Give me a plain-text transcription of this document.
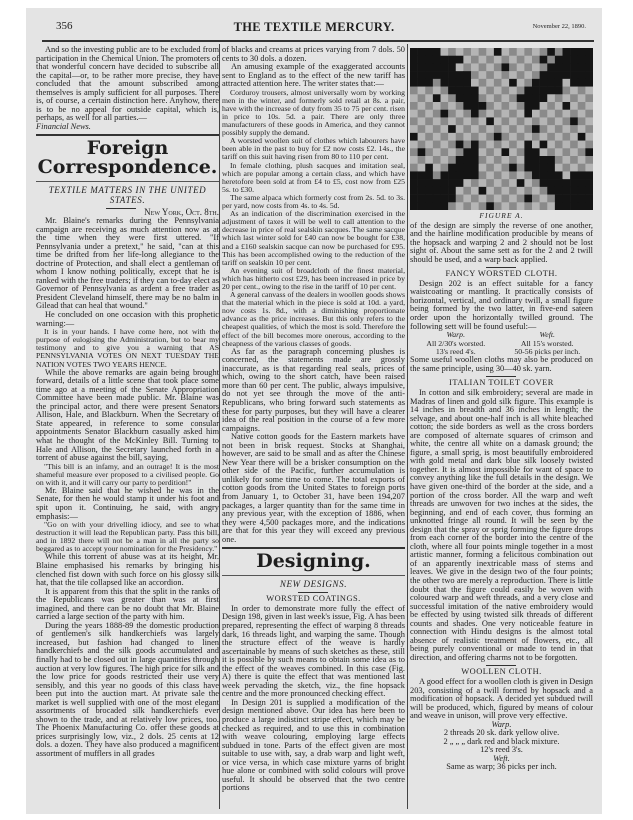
356	THE TEXTILE MERCURY.	November 22, 1890.

And so the investing public are to be excluded from participation in the Chemical Union. The promoters of that wonderful concern have decided to subscribe all the capital—or, to be rather more precise, they have concluded that the amount subscribed among themselves is amply sufficient for all purposes. There is, of course, a certain distinction here. Anyhow, there is to be no appeal for outside capital, which is, perhaps, as well for all parties.—

Financial News.

Foreign
Correspondence.
TEXTILE MATTERS IN THE UNITED STATES.
New York, Oct. 8th.

Mr. Blaine's remarks during the Pennsylvania campaign are receiving as much attention now as at the time when they were first uttered. "If Pennsylvania under a pretext," he said, "can at this time be drifted from her life-long allegiance to the doctrine of Protection, and shall elect a gentleman of whom I know nothing politically, except that he is ranked with the free traders; if they can to-day elect as Governor of Pennsylvania as ardent a free trader as President Cleveland himself, there may be no balm in Gilead that can heal that wound."

He concluded on one occasion with this prophetic warning:—

It is in your hands. I have come here, not with the purpose of eulogising the Administration, but to bear my testimony and to give you a warning that AS PENNSYLVANIA VOTES ON NEXT TUESDAY THE NATION VOTES TWO YEARS HENCE.

While the above remarks are again being brought forward, details of a little scene that took place some time ago at a meeting of the Senate Appropriation Committee have been made public. Mr. Blaine was the principal actor, and there were present Senators Allison, Hale, and Blackburn. When the Secretary of State appeared, in reference to some consular appointments Senator Blackburn casually asked him what he thought of the McKinley Bill. Turning to Hale and Allison, the Secretary launched forth in a torrent of abuse against the bill, saying,

"This bill is an infamy, and an outrage! It is the most shameful measure ever proposed to a civilised people. Go on with it, and it will carry our party to perdition!"

Mr. Blaine said that he wished he was in the Senate, for then he would stamp it under his foot and spit upon it. Continuing, he said, with angry emphasis:—

"Go on with your drivelling idiocy, and see to what destruction it will lead the Republican party. Pass this bill, and in 1892 there will not be a man in all the party so beggared as to accept your nomination for the Presidency."

While this torrent of abuse was at its height, Mr. Blaine emphasised his remarks by bringing his clenched fist down with such force on his glossy silk hat, that the tile collapsed like an accordion.

It is apparent from this that the split in the ranks of the Republicans was greater than was at first imagined, and there can be no doubt that Mr. Blaine carried a large section of the party with him.

During the years 1888-89 the domestic production of gentlemen's silk handkerchiefs was largely increased, but fashion had changed to linen handkerchiefs and the silk goods accumulated and finally had to be closed out in large quantities through auction at very low figures. The high price for silk and the low price for goods restricted their use very sensibly, and this year no goods of this class have been put into the auction mart. At private sale the market is well supplied with one of the most elegant assortments of brocaded silk handkerchiefs ever shown to the trade, and at relatively low prices, too. The Phoenix Manufacturing Co. offer these goods at prices surprisingly low, viz., 2 dols. 25 cents at 12 dols. a dozen. They have also produced a magnificent assortment of mufflers in all grades

of blacks and creams at prices varying from 7 dols. 50 cents to 30 dols. a dozen.

An amusing example of the exaggerated accounts sent to England as to the effect of the new tariff has attracted attention here. The writer states that:—

Corduroy trousers, almost universally worn by working men in the winter, and formerly sold retail at 8s. a pair, have with the increase of duty from 35 to 75 per cent. risen in price to 10s. 5d. a pair. There are only three manufacturers of these goods in America, and they cannot possibly supply the demand.

A worsted woollen suit of clothes which labourers have been able in the past to buy for £2 now costs £2. 14s., the tariff on this suit having risen from 80 to 110 per cent.

In female clothing, plush sacques and imitation seal, which are popular among a certain class, and which have heretofore been sold at from £4 to £5, cost now from £25 5s. to £30.

The same alpaca which formerly cost from 2s. 5d. to 3s. per yard, now costs from 4s. to 4s. 5d.

As an indication of the discrimination exercised in the adjustment of taxes it will be well to call attention to the decrease in price of real sealskin sacques. The same sacque which last winter sold for £40 can now be bought for £38, and a £160 sealskin sacque can now be purchased for £95. This has been accomplished owing to the reduction of the tariff on sealskin 10 per cent.

An evening suit of broadcloth of the finest material, which has hitherto cost £29, has been increased in price by 20 per cent., owing to the rise in the tariff of 10 per cent.

A general canvass of the dealers in woollen goods shows that the material which in the piece is sold at 10d. a yard, now costs 1s. 8d., with a diminishing proportionate advance as the price increases. But this only refers to the cheapest qualities, of which the most is sold. Therefore the effect of the bill becomes more onerous, according to the cheapness of the various classes of goods.

As far as the paragraph concerning plushes is concerned, the statements made are grossly inaccurate, as is that regarding real seals, prices of which, owing to the short catch, have been raised more than 60 per cent. The public, always impulsive, do not yet see through the move of the anti-Republicans, who bring forward such statements as these for party purposes, but they will have a clearer idea of the real position in the course of a few more campaigns.

Native cotton goods for the Eastern markets have not been in brisk request. Stocks at Shanghai, however, are said to be small and as after the Chinese New Year there will be a brisker consumption on the other side of the Pacific, further accumulation is unlikely for some time to come. The total exports of cotton goods from the United States to foreign ports from January 1, to October 31, have been 194,207 packages, a larger quantity than for the same time in any previous year, with the exception of 1886, when they were 4,500 packages more, and the indications are that for this year they will exceed any previous one.

Designing.
NEW DESIGNS.
WORSTED COATINGS.

In order to demonstrate more fully the effect of Design 198, given in last week's issue, Fig. A has been prepared, representing the effect of warping 8 threads dark, 16 threads light, and warping the same. Though the structure effect of the weave is hardly ascertainable by means of such sketches as these, still it is possible by such means to obtain some idea as to the effect of the weaves combined. In this case (Fig. A) there is quite the effect that was mentioned last week pervading the sketch, viz., the fine hopsack centre and the more pronounced checking effect.

In Design 201 is supplied a modification of the design mentioned above. Our idea has here been to produce a large indistinct stripe effect, which may be checked as required, and to use this in combination with weave colouring, employing large effects subdued in tone. Parts of the effect given are most suitable to use with, say, a drab warp and light weft, or vice versa, in which case mixture yarns of bright hue alone or combined with solid colours will prove useful. It should be observed that the two centre portions

FIGURE A.

of the design are simply the reverse of one another, and the hairline modification producible by means of the hopsack and warping 2 and 2 should not be lost sight of. About the same sett as for the 2 and 2 twill should be used, and a warp back applied.

FANCY WORSTED CLOTH.

Design 202 is an effect suitable for a fancy waistcoating or mantling. It practically consists of horizontal, vertical, and ordinary twill, a small figure being formed by the two latter, in five-end sateen order upon the horizontally twilled ground. The following sett will be found useful:—

Warp.	Weft.
All 2/30's worsted.	All 15's worsted.
13's reed 4's.	50-56 picks per inch.

Some useful woollen cloths may also be produced on the same principle, using 30—40 sk. yarn.

ITALIAN TOILET COVER

In cotton and silk embroidery; several are made in Madras of linen and gold silk figure. This example is 14 inches in breadth and 36 inches in length; the selvage, and about one-half inch is all white bleached cotton; the side borders as well as the cross borders are composed of alternate squares of crimson and white, the centre all white on a damask ground; the figure, a small sprig, is most beautifully embroidered with gold metal and dark blue silk loosely twisted together. It is almost impossible for want of space to convey anything like the full details in the design. We have given one-third of the border at the side, and a portion of the cross border. All the warp and weft threads are unwoven for two inches at the sides, the beginning, and end of each cover, thus forming an unknotted fringe all round. It will be seen by the design that the spray or sprig forming the figure drops from each corner of the border into the centre of the cloth, where all four points mingle together in a most artistic manner, forming a felicitous combination out of an apparently inextricable mass of stems and leaves. We give in the design two of the four points; the other two are merely a reproduction. There is little doubt that the figure could easily be woven with coloured warp and weft threads, and a very close and successful imitation of the native embroidery would be effected by using twisted silk threads of different counts and shades. One very noticeable feature in connection with Hindu designs is the almost total absence of realistic treatment of flowers, etc., all being purely conventional or made to tend in that direction, and offering charms not to be forgotten.

WOOLLEN CLOTH.

A good effect for a woollen cloth is given in Design 203, consisting of a twill formed by hopsack and a modification of hopsack. A decided yet subdued twill will be produced, which, figured by means of colour and weave in unison, will prove very effective.

Warp.

2 threads 20 sk. dark yellow olive.

2 „ „ „ dark red and black mixture.

12's reed 3's.

Weft.

Same as warp; 36 picks per inch.
